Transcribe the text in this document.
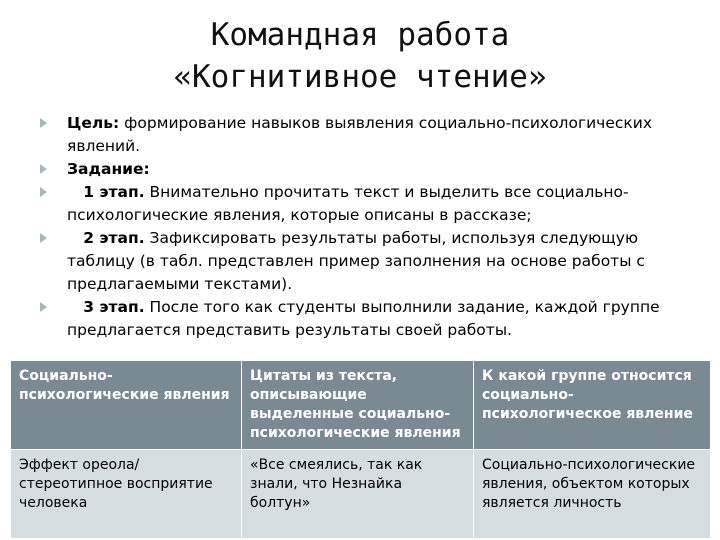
Командная работа
«Когнитивное чтение»
Цель: формирование навыков выявления социально-психологических явлений.
Задание:
1 этап. Внимательно прочитать текст и выделить все социально-психологические явления, которые описаны в рассказе;
2 этап. Зафиксировать результаты работы, используя следующую таблицу (в табл. представлен пример заполнения на основе работы с предлагаемыми текстами).
3 этап. После того как студенты выполнили задание, каждой группе предлагается представить результаты своей работы.
Социально-психологические явления	Цитаты из текста, описывающие выделенные социально-психологические явления	К какой группе относится социально-психологическое явление
Эффект ореола/ стереотипное восприятие человека	«Все смеялись, так как знали, что Незнайка болтун»	Социально-психологические явления, объектом которых является личность
